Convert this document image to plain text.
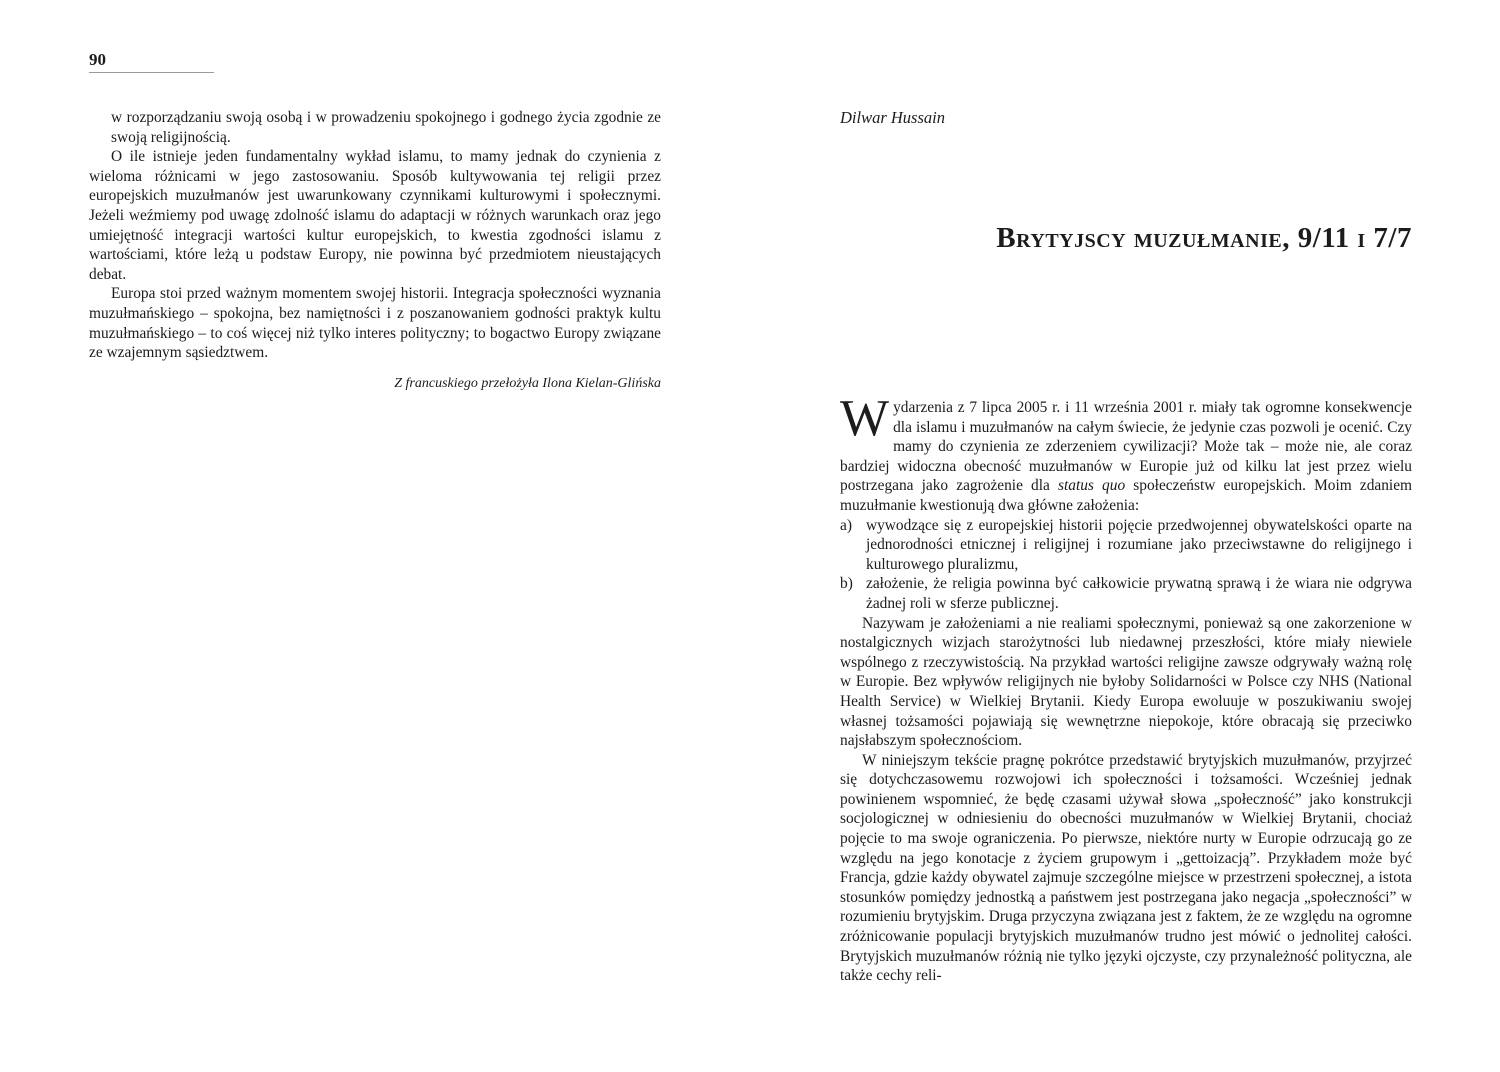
90

w rozporządzaniu swoją osobą i w prowadzeniu spokojnego i godnego życia zgodnie ze swoją religijnością.

O ile istnieje jeden fundamentalny wykład islamu, to mamy jednak do czynienia z wieloma różnicami w jego zastosowaniu. Sposób kultywowania tej religii przez europejskich muzułmanów jest uwarunkowany czynnikami kulturowymi i społecznymi. Jeżeli weźmiemy pod uwagę zdolność islamu do adaptacji w różnych warunkach oraz jego umiejętność integracji wartości kultur europejskich, to kwestia zgodności islamu z wartościami, które leżą u podstaw Europy, nie powinna być przedmiotem nieustających debat.

Europa stoi przed ważnym momentem swojej historii. Integracja społeczności wyznania muzułmańskiego – spokojna, bez namiętności i z poszanowaniem godności praktyk kultu muzułmańskiego – to coś więcej niż tylko interes polityczny; to bogactwo Europy związane ze wzajemnym sąsiedztwem.

Z francuskiego przełożyła Ilona Kielan-Glińska
Dilwar Hussain
Brytyjscy muzułmanie, 9/11 i 7/7

Wydarzenia z 7 lipca 2005 r. i 11 września 2001 r. miały tak ogromne konsekwencje dla islamu i muzułmanów na całym świecie, że jedynie czas pozwoli je ocenić. Czy mamy do czynienia ze zderzeniem cywilizacji? Może tak – może nie, ale coraz bardziej widoczna obecność muzułmanów w Europie już od kilku lat jest przez wielu postrzegana jako zagrożenie dla status quo społeczeństw europejskich. Moim zdaniem muzułmanie kwestionują dwa główne założenia:

a) wywodzące się z europejskiej historii pojęcie przedwojennej obywatelskości oparte na jednorodności etnicznej i religijnej i rozumiane jako przeciwstawne do religijnego i kulturowego pluralizmu,
b) założenie, że religia powinna być całkowicie prywatną sprawą i że wiara nie odgrywa żadnej roli w sferze publicznej.

Nazywam je założeniami a nie realiami społecznymi, ponieważ są one zakorzenione w nostalgicznych wizjach starożytności lub niedawnej przeszłości, które miały niewiele wspólnego z rzeczywistością. Na przykład wartości religijne zawsze odgrywały ważną rolę w Europie. Bez wpływów religijnych nie byłoby Solidarności w Polsce czy NHS (National Health Service) w Wielkiej Brytanii. Kiedy Europa ewoluuje w poszukiwaniu swojej własnej tożsamości pojawiają się wewnętrzne niepokoje, które obracają się przeciwko najsłabszym społecznościom.

W niniejszym tekście pragnę pokrótce przedstawić brytyjskich muzułmanów, przyjrzeć się dotychczasowemu rozwojowi ich społeczności i tożsamości. Wcześniej jednak powinienem wspomnieć, że będę czasami używał słowa „społeczność” jako konstrukcji socjologicznej w odniesieniu do obecności muzułmanów w Wielkiej Brytanii, chociaż pojęcie to ma swoje ograniczenia. Po pierwsze, niektóre nurty w Europie odrzucają go ze względu na jego konotacje z życiem grupowym i „gettoizacją”. Przykładem może być Francja, gdzie każdy obywatel zajmuje szczególne miejsce w przestrzeni społecznej, a istota stosunków pomiędzy jednostką a państwem jest postrzegana jako negacja „społeczności” w rozumieniu brytyjskim. Druga przyczyna związana jest z faktem, że ze względu na ogromne zróżnicowanie populacji brytyjskich muzułmanów trudno jest mówić o jednolitej całości. Brytyjskich muzułmanów różnią nie tylko języki ojczyste, czy przynależność polityczna, ale także cechy reli-
